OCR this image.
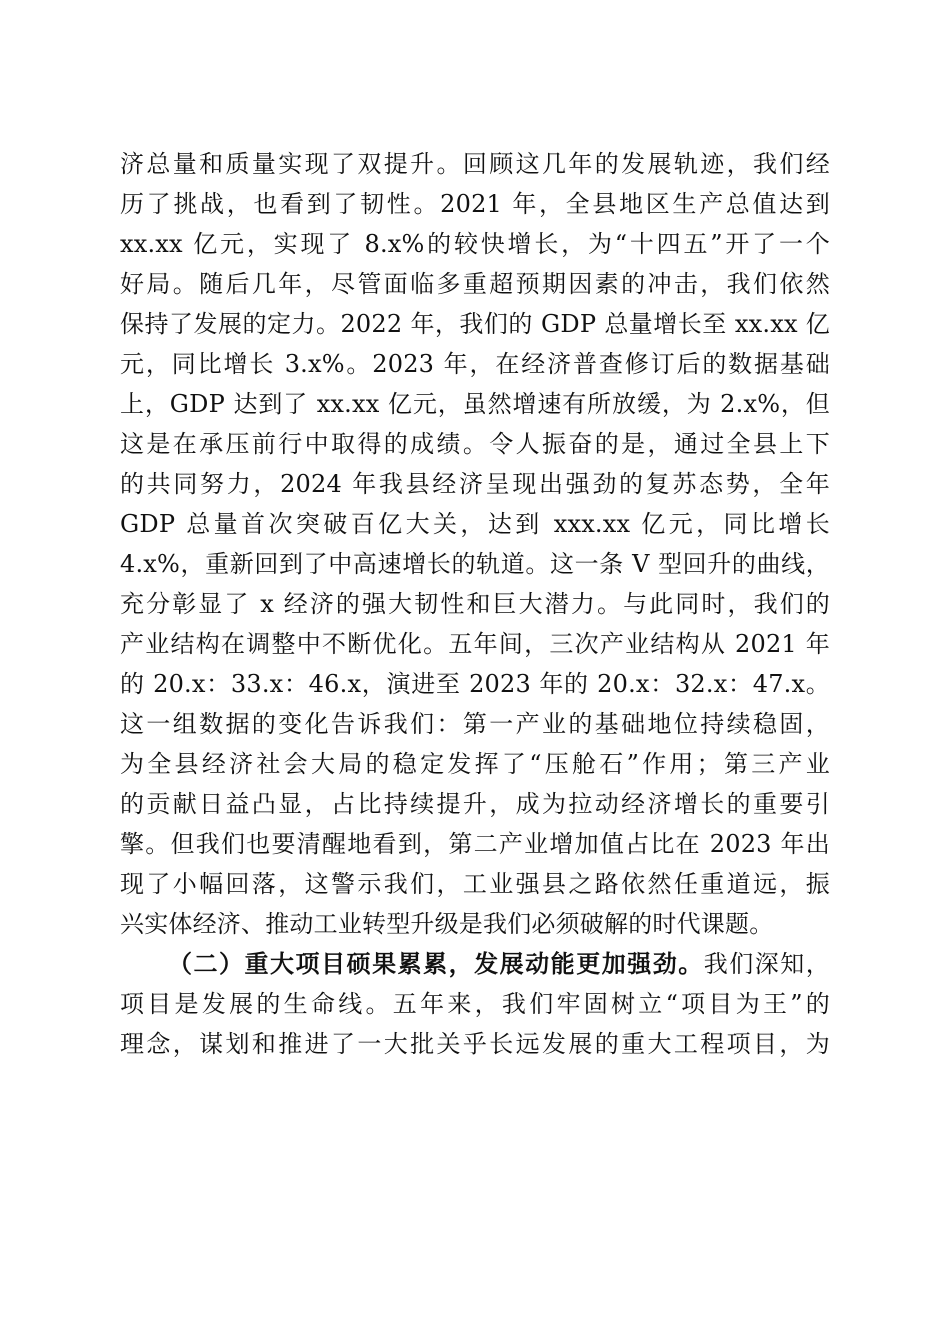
济总量和质量实现了双提升。回顾这几年的发展轨迹，我们经
历了挑战，也看到了韧性。2021 年，全县地区生产总值达到
xx.xx 亿元，实现了 8.x%的较快增长，为“十四五”开了一个
好局。随后几年，尽管面临多重超预期因素的冲击，我们依然
保持了发展的定力。2022 年，我们的 GDP 总量增长至 xx.xx 亿
元，同比增长 3.x%。2023 年，在经济普查修订后的数据基础
上，GDP 达到了 xx.xx 亿元，虽然增速有所放缓，为 2.x%，但
这是在承压前行中取得的成绩。令人振奋的是，通过全县上下
的共同努力，2024 年我县经济呈现出强劲的复苏态势，全年
GDP 总量首次突破百亿大关，达到 xxx.xx 亿元，同比增长
4.x%，重新回到了中高速增长的轨道。这一条 V 型回升的曲线，
充分彰显了 x 经济的强大韧性和巨大潜力。与此同时，我们的
产业结构在调整中不断优化。五年间，三次产业结构从 2021 年
的 20.x：33.x：46.x，演进至 2023 年的 20.x：32.x：47.x。
这一组数据的变化告诉我们：第一产业的基础地位持续稳固，
为全县经济社会大局的稳定发挥了“压舱石”作用；第三产业
的贡献日益凸显，占比持续提升，成为拉动经济增长的重要引
擎。但我们也要清醒地看到，第二产业增加值占比在 2023 年出
现了小幅回落，这警示我们，工业强县之路依然任重道远，振
兴实体经济、推动工业转型升级是我们必须破解的时代课题。
（二）重大项目硕果累累，发展动能更加强劲。我们深知，
项目是发展的生命线。五年来，我们牢固树立“项目为王”的
理念，谋划和推进了一大批关乎长远发展的重大工程项目，为
